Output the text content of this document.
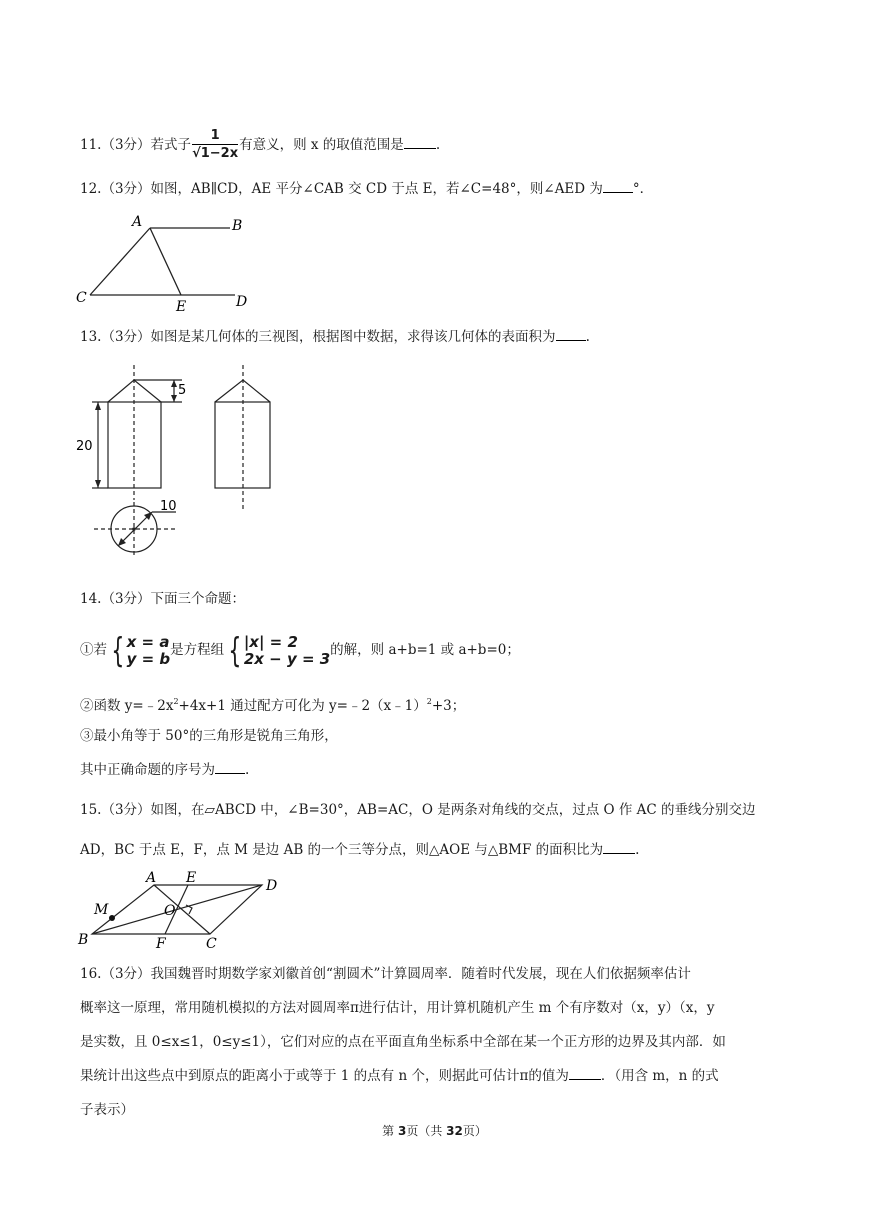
11.（3分）若式子 $\frac{1}{√1-2x}$ 有意义，则 x 的取值范围是 .
12.（3分）如图，AB∥CD，AE 平分∠CAB 交 CD 于点 E，若∠C=48°，则∠AED 为 °．
A	B
C
E	D
13.（3分）如图是某几何体的三视图，根据图中数据，求得该几何体的表面积为 .
20
5
10
14.（3分）下面三个命题：
①若 { x = a
y = b 是方程组 { |x| = 2
2x − y = 3 的解，则 a+b=1 或 a+b=0；
②函数 $y=﹣2x^2+4x+1$ 通过配方可化为 y=﹣2（x﹣1）$^2$+3；
③最小角等于 50°的三角形是锐角三角形，
其中正确命题的序号为 .
15.（3分）如图，在▱ABCD 中，∠B=30°，AB=AC，O 是两条对角线的交点，过点 O 作 AC 的垂线分别交边
AD，BC 于点 E，F，点 M 是边 AB 的一个三等分点，则△AOE 与△BMF 的面积比为 .
A E	D
O
M
B	F	C
16.（3分）我国魏晋时期数学家刘徽首创“割圆术”计算圆周率．随着时代发展，现在人们依据频率估计
概率这一原理，常用随机模拟的方法对圆周率π进行估计，用计算机随机产生 m 个有序数对（x，y）（x，y
是实数，且 0≤x≤1，0≤y≤1），它们对应的点在平面直角坐标系中全部在某一个正方形的边界及其内部．如
果统计出这些点中到原点的距离小于或等于 1 的点有 n 个，则据此可估计π的值为 ．（用含 m，n 的式
子表示）
第 3页（共 32页）
